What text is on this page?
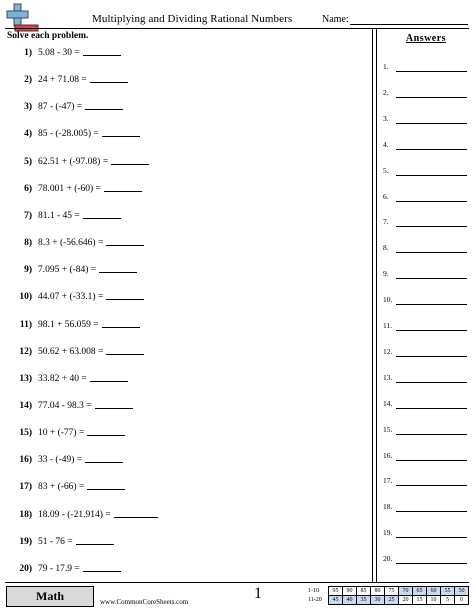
Multiplying and Dividing Rational Numbers	Name:
Solve each problem.
1) 5.08 - 30 =
2) 24 + 71.08 =
3) 87 - (-47) =
4) 85 - (-28.005) =
5) 62.51 + (-97.08) =
6) 78.001 + (-60) =
7) 81.1 - 45 =
8) 8.3 + (-56.646) =
9) 7.095 + (-84) =
10) 44.07 + (-33.1) =
11) 98.1 + 56.059 =
12) 50.62 + 63.008 =
13) 33.82 + 40 =
14) 77.04 - 98.3 =
15) 10 + (-77) =
16) 33 - (-49) =
17) 83 + (-66) =
18) 18.09 - (-21.914) =
19) 51 - 76 =
20) 79 - 17.9 =
Answers
1.
2.
3.
4.
5.
6.
7.
8.
9.
10.
11.
12.
13.
14.
15.
16.
17.
18.
19.
20.
Math	www.CommonCoreSheets.com	1	1-10	95	90	85	80	75	70	65	60	55	50
11-20	45	40	35	30	25	20	15	10	5	0
